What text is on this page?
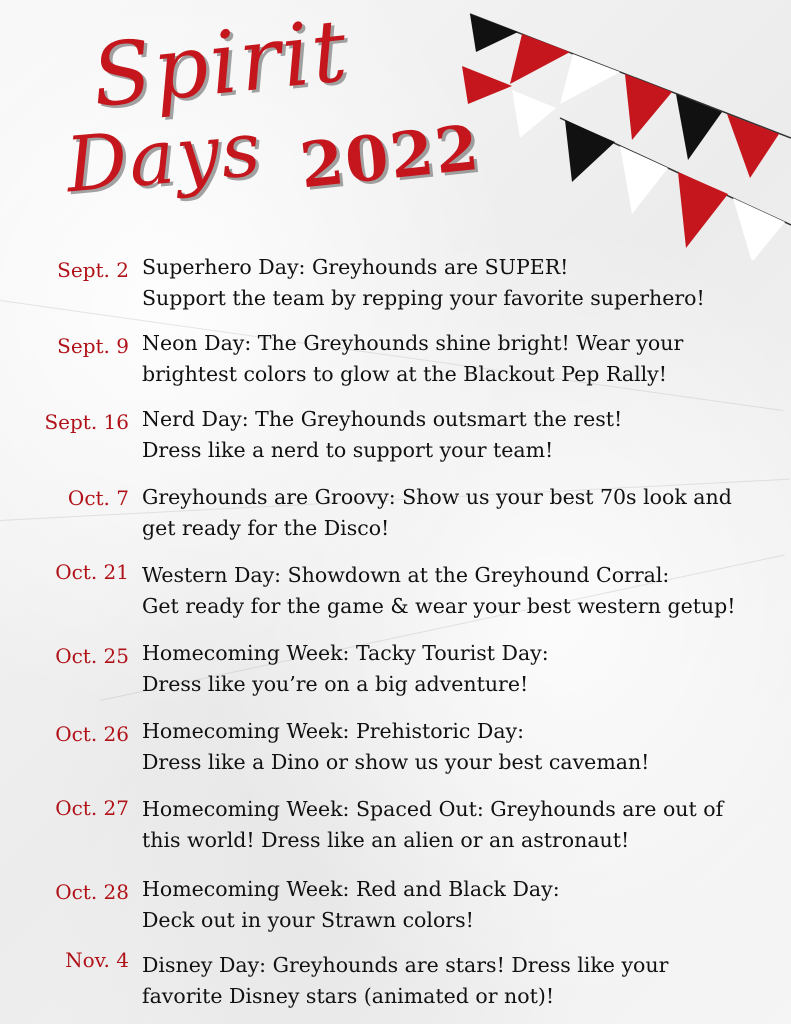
Spirit
Days 2022
Sept. 2 Superhero Day: Greyhounds are SUPER!
Support the team by repping your favorite superhero!
Sept. 9 Neon Day: The Greyhounds shine bright! Wear your
brightest colors to glow at the Blackout Pep Rally!
Sept. 16 Nerd Day: The Greyhounds outsmart the rest!
Dress like a nerd to support your team!
Oct. 7 Greyhounds are Groovy: Show us your best 70s look and
get ready for the Disco!
Oct. 21 Western Day: Showdown at the Greyhound Corral:
Get ready for the game & wear your best western getup!
Oct. 25 Homecoming Week: Tacky Tourist Day:
Dress like you’re on a big adventure!
Oct. 26 Homecoming Week: Prehistoric Day:
Dress like a Dino or show us your best caveman!
Oct. 27 Homecoming Week: Spaced Out: Greyhounds are out of
this world! Dress like an alien or an astronaut!
Oct. 28 Homecoming Week: Red and Black Day:
Deck out in your Strawn colors!
Nov. 4 Disney Day: Greyhounds are stars! Dress like your
favorite Disney stars (animated or not)!
